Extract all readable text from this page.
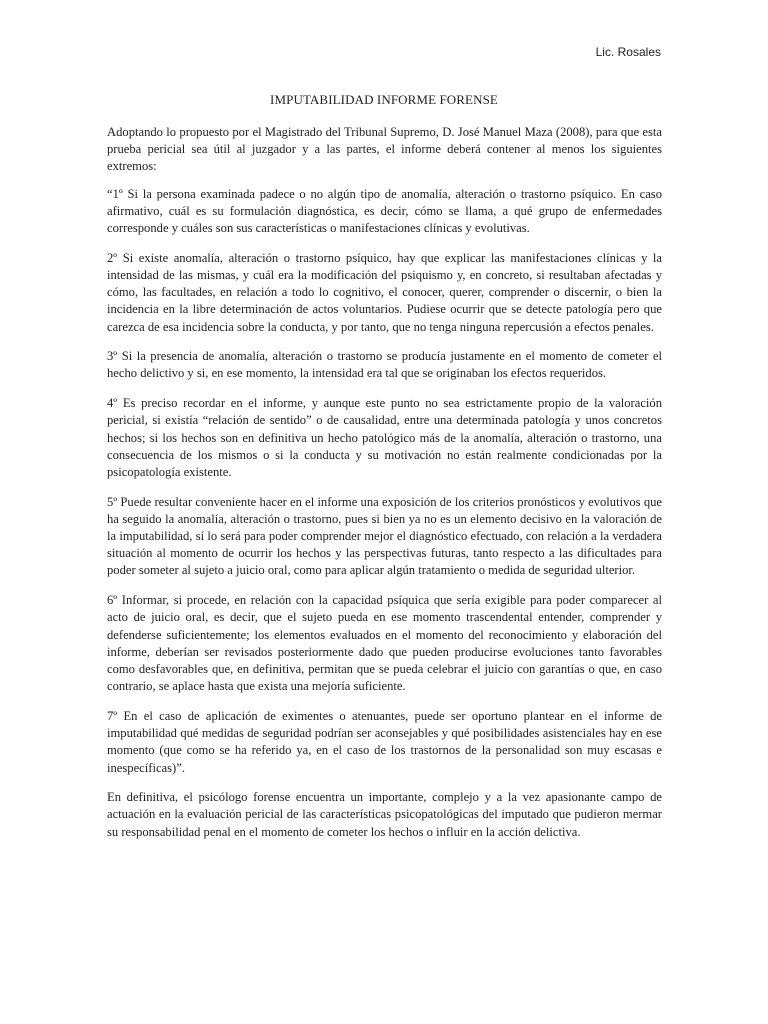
Lic. Rosales
IMPUTABILIDAD INFORME FORENSE

Adoptando lo propuesto por el Magistrado del Tribunal Supremo, D. José Manuel Maza (2008), para que esta prueba pericial sea útil al juzgador y a las partes, el informe deberá contener al menos los siguientes extremos:

“1º Si la persona examinada padece o no algún tipo de anomalía, alteración o trastorno psíquico. En caso afirmativo, cuál es su formulación diagnóstica, es decir, cómo se llama, a qué grupo de enfermedades corresponde y cuáles son sus características o manifestaciones clínicas y evolutivas.

2º Si existe anomalía, alteración o trastorno psíquico, hay que explicar las manifestaciones clínicas y la intensidad de las mismas, y cuál era la modificación del psiquismo y, en concreto, si resultaban afectadas y cómo, las facultades, en relación a todo lo cognitivo, el conocer, querer, comprender o discernir, o bien la incidencia en la libre determinación de actos voluntarios. Pudiese ocurrir que se detecte patología pero que carezca de esa incidencia sobre la conducta, y por tanto, que no tenga ninguna repercusión a efectos penales.

3º Si la presencia de anomalía, alteración o trastorno se producía justamente en el momento de cometer el hecho delictivo y si, en ese momento, la intensidad era tal que se originaban los efectos requeridos.

4º Es preciso recordar en el informe, y aunque este punto no sea estrictamente propio de la valoración pericial, si existía “relación de sentido” o de causalidad, entre una determinada patología y unos concretos hechos; si los hechos son en definitiva un hecho patológico más de la anomalía, alteración o trastorno, una consecuencia de los mismos o si la conducta y su motivación no están realmente condicionadas por la psicopatología existente.

5º Puede resultar conveniente hacer en el informe una exposición de los criterios pronósticos y evolutivos que ha seguido la anomalía, alteración o trastorno, pues si bien ya no es un elemento decisivo en la valoración de la imputabilidad, sí lo será para poder comprender mejor el diagnóstico efectuado, con relación a la verdadera situación al momento de ocurrir los hechos y las perspectivas futuras, tanto respecto a las dificultades para poder someter al sujeto a juicio oral, como para aplicar algún tratamiento o medida de seguridad ulterior.

6º Informar, si procede, en relación con la capacidad psíquica que sería exigible para poder comparecer al acto de juicio oral, es decir, que el sujeto pueda en ese momento trascendental entender, comprender y defenderse suficientemente; los elementos evaluados en el momento del reconocimiento y elaboración del informe, deberían ser revisados posteriormente dado que pueden producirse evoluciones tanto favorables como desfavorables que, en definitiva, permitan que se pueda celebrar el juicio con garantías o que, en caso contrario, se aplace hasta que exista una mejoría suficiente.

7º En el caso de aplicación de eximentes o atenuantes, puede ser oportuno plantear en el informe de imputabilidad qué medidas de seguridad podrían ser aconsejables y qué posibilidades asistenciales hay en ese momento (que como se ha referido ya, en el caso de los trastornos de la personalidad son muy escasas e inespecíficas)”.

En definitiva, el psicólogo forense encuentra un importante, complejo y a la vez apasionante campo de actuación en la evaluación pericial de las características psicopatológicas del imputado que pudieron mermar su responsabilidad penal en el momento de cometer los hechos o influir en la acción delictiva.
